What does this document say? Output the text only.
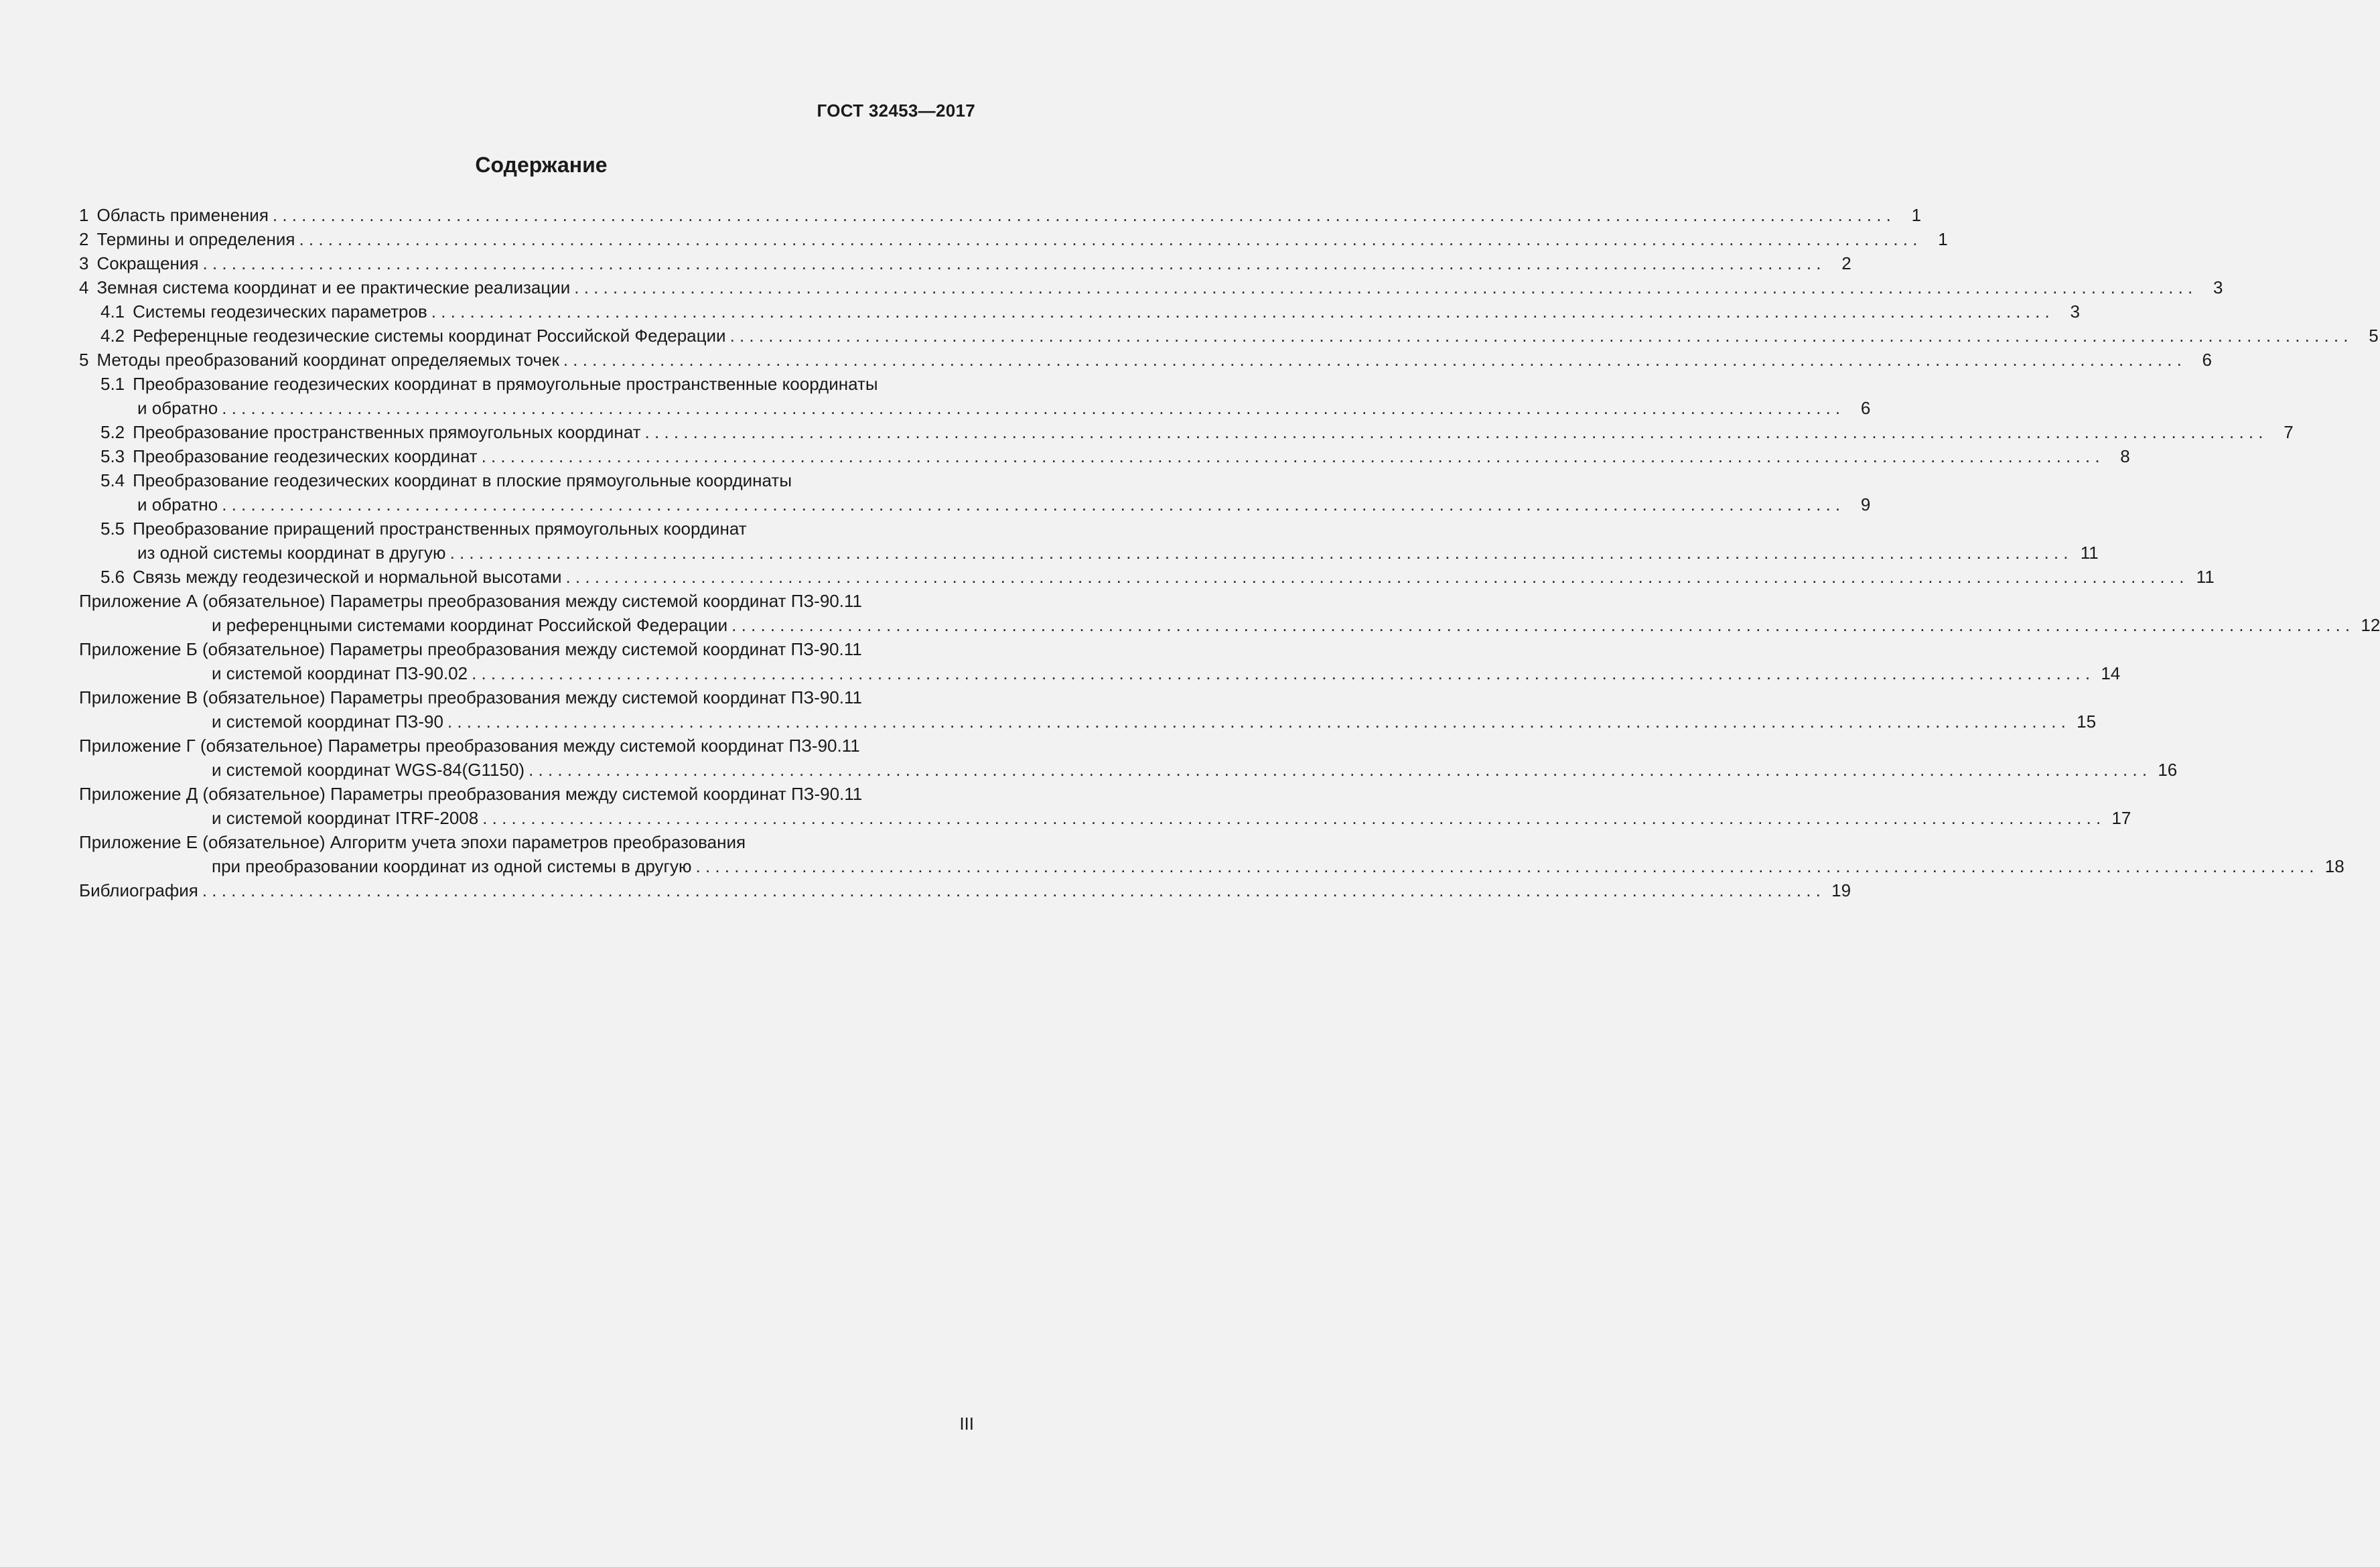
ГОСТ 32453—2017
Содержание
1 Область применения ........................................................................................................................................................................ 1
2 Термины и определения ........................................................................................................................................................................ 1
3 Сокращения ........................................................................................................................................................................ 2
4 Земная система координат и ее практические реализации ........................................................................................................................................................................ 3
4.1 Системы геодезических параметров ........................................................................................................................................................................ 3
4.2 Референцные геодезические системы координат Российской Федерации ........................................................................................................................................................................ 5
5 Методы преобразований координат определяемых точек ........................................................................................................................................................................ 6
5.1 Преобразование геодезических координат в прямоугольные пространственные координаты
и обратно ........................................................................................................................................................................ 6
5.2 Преобразование пространственных прямоугольных координат ........................................................................................................................................................................ 7
5.3 Преобразование геодезических координат ........................................................................................................................................................................ 8
5.4 Преобразование геодезических координат в плоские прямоугольные координаты
и обратно ........................................................................................................................................................................ 9
5.5 Преобразование приращений пространственных прямоугольных координат
из одной системы координат в другую ........................................................................................................................................................................ 11
5.6 Связь между геодезической и нормальной высотами ........................................................................................................................................................................ 11
Приложение А (обязательное) Параметры преобразования между системой координат ПЗ-90.11
и референцными системами координат Российской Федерации ........................................................................................................................................................................ 12
Приложение Б (обязательное) Параметры преобразования между системой координат ПЗ-90.11
и системой координат ПЗ-90.02 ........................................................................................................................................................................ 14
Приложение В (обязательное) Параметры преобразования между системой координат ПЗ-90.11
и системой координат ПЗ-90 ........................................................................................................................................................................ 15
Приложение Г (обязательное) Параметры преобразования между системой координат ПЗ-90.11
и системой координат WGS-84(G1150) ........................................................................................................................................................................ 16
Приложение Д (обязательное) Параметры преобразования между системой координат ПЗ-90.11
и системой координат ITRF-2008 ........................................................................................................................................................................ 17
Приложение Е (обязательное) Алгоритм учета эпохи параметров преобразования
при преобразовании координат из одной системы в другую ........................................................................................................................................................................ 18
Библиография ........................................................................................................................................................................ 19
III
